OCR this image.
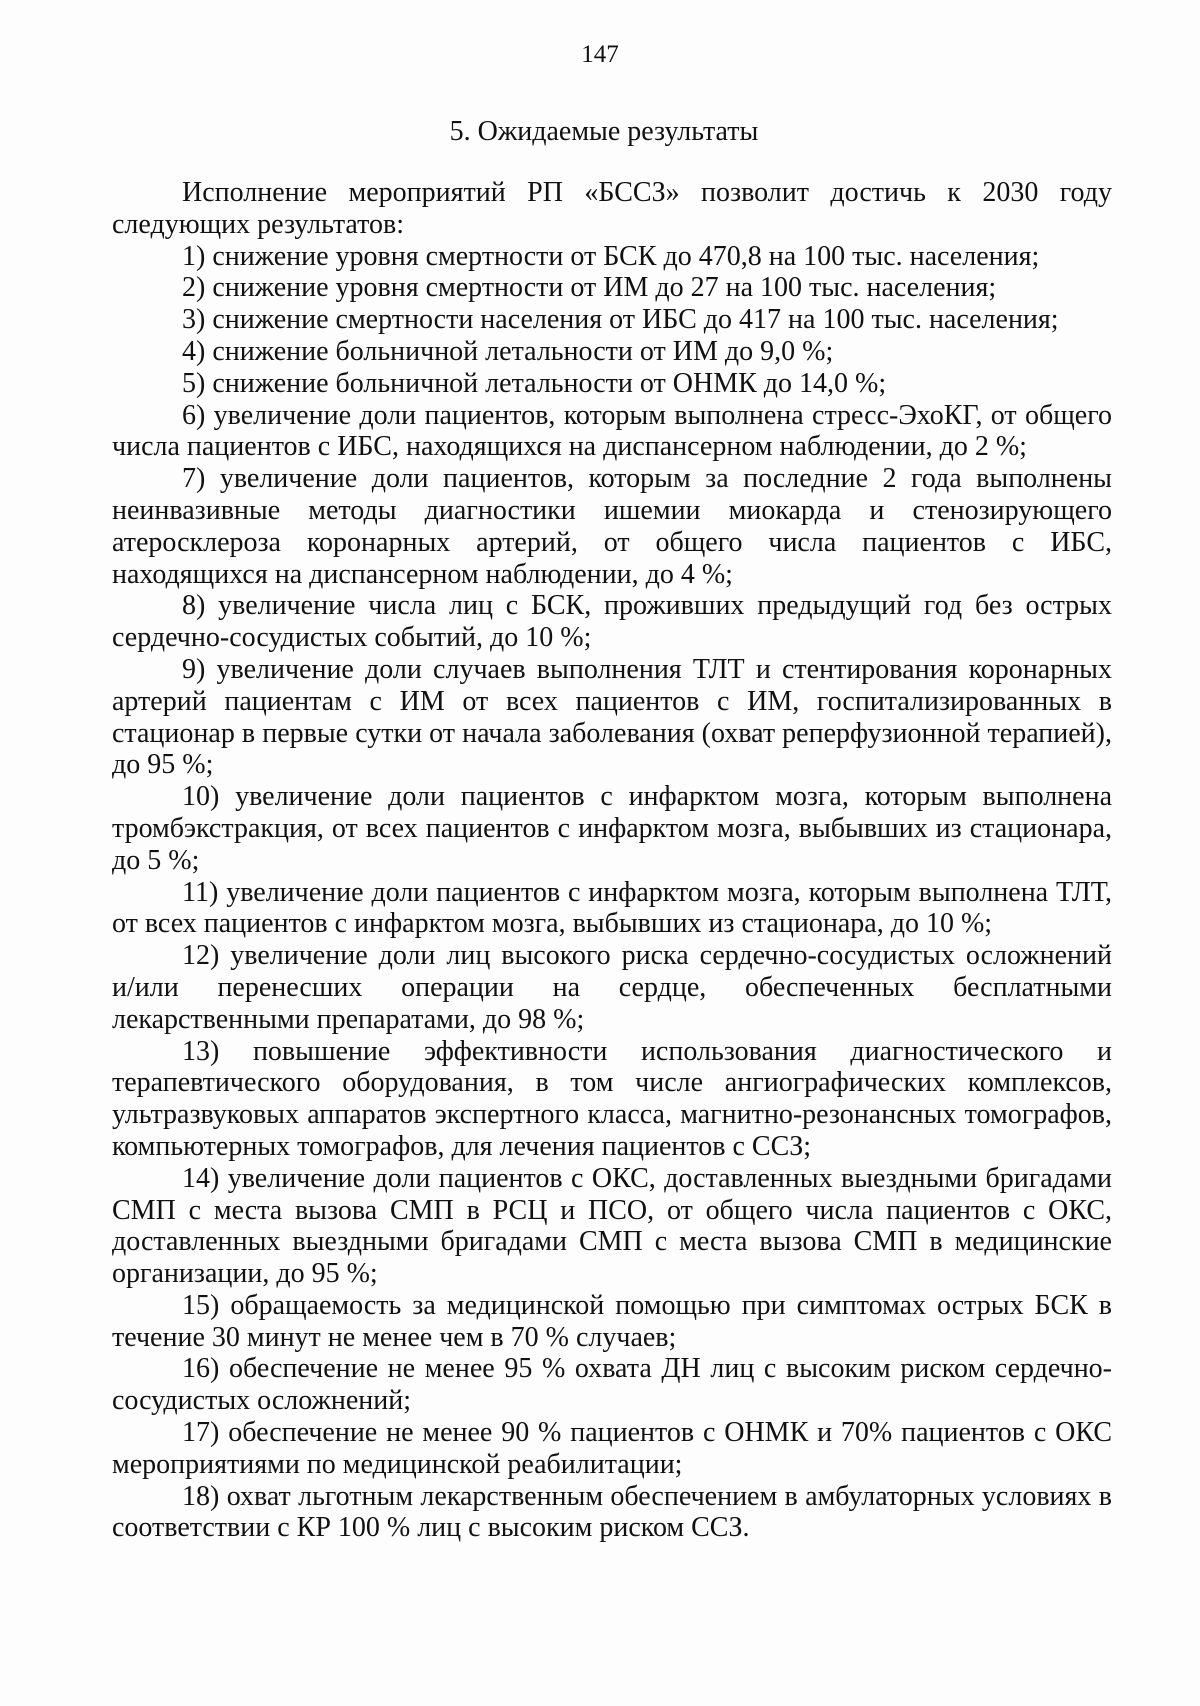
147
5. Ожидаемые результаты

Исполнение мероприятий РП «БССЗ» позволит достичь к 2030 году следующих результатов:

1) снижение уровня смертности от БСК до 470,8 на 100 тыс. населения;

2) снижение уровня смертности от ИМ до 27 на 100 тыс. населения;

3) снижение смертности населения от ИБС до 417 на 100 тыс. населения;

4) снижение больничной летальности от ИМ до 9,0 %;

5) снижение больничной летальности от ОНМК до 14,0 %;

6) увеличение доли пациентов, которым выполнена стресс-ЭхоКГ, от общего числа пациентов с ИБС, находящихся на диспансерном наблюдении, до 2 %;

7) увеличение доли пациентов, которым за последние 2 года выполнены неинвазивные методы диагностики ишемии миокарда и стенозирующего атеросклероза коронарных артерий, от общего числа пациентов с ИБС, находящихся на диспансерном наблюдении, до 4 %;

8) увеличение числа лиц с БСК, проживших предыдущий год без острых сердечно-сосудистых событий, до 10 %;

9) увеличение доли случаев выполнения ТЛТ и стентирования коронарных артерий пациентам с ИМ от всех пациентов с ИМ, госпитализированных в стационар в первые сутки от начала заболевания (охват реперфузионной терапией), до 95 %;

10) увеличение доли пациентов с инфарктом мозга, которым выполнена тромбэкстракция, от всех пациентов с инфарктом мозга, выбывших из стационара, до 5 %;

11) увеличение доли пациентов с инфарктом мозга, которым выполнена ТЛТ, от всех пациентов с инфарктом мозга, выбывших из стационара, до 10 %;

12) увеличение доли лиц высокого риска сердечно-сосудистых осложнений и/или перенесших операции на сердце, обеспеченных бесплатными лекарственными препаратами, до 98 %;

13) повышение эффективности использования диагностического и терапевтического оборудования, в том числе ангиографических комплексов, ультразвуковых аппаратов экспертного класса, магнитно-резонансных томографов, компьютерных томографов, для лечения пациентов с ССЗ;

14) увеличение доли пациентов с ОКС, доставленных выездными бригадами СМП с места вызова СМП в РСЦ и ПСО, от общего числа пациентов с ОКС, доставленных выездными бригадами СМП с места вызова СМП в медицинские организации, до 95 %;

15) обращаемость за медицинской помощью при симптомах острых БСК в течение 30 минут не менее чем в 70 % случаев;

16) обеспечение не менее 95 % охвата ДН лиц с высоким риском сердечно-сосудистых осложнений;

17) обеспечение не менее 90 % пациентов с ОНМК и 70% пациентов с ОКС мероприятиями по медицинской реабилитации;

18) охват льготным лекарственным обеспечением в амбулаторных условиях в соответствии с КР 100 % лиц с высоким риском ССЗ.
